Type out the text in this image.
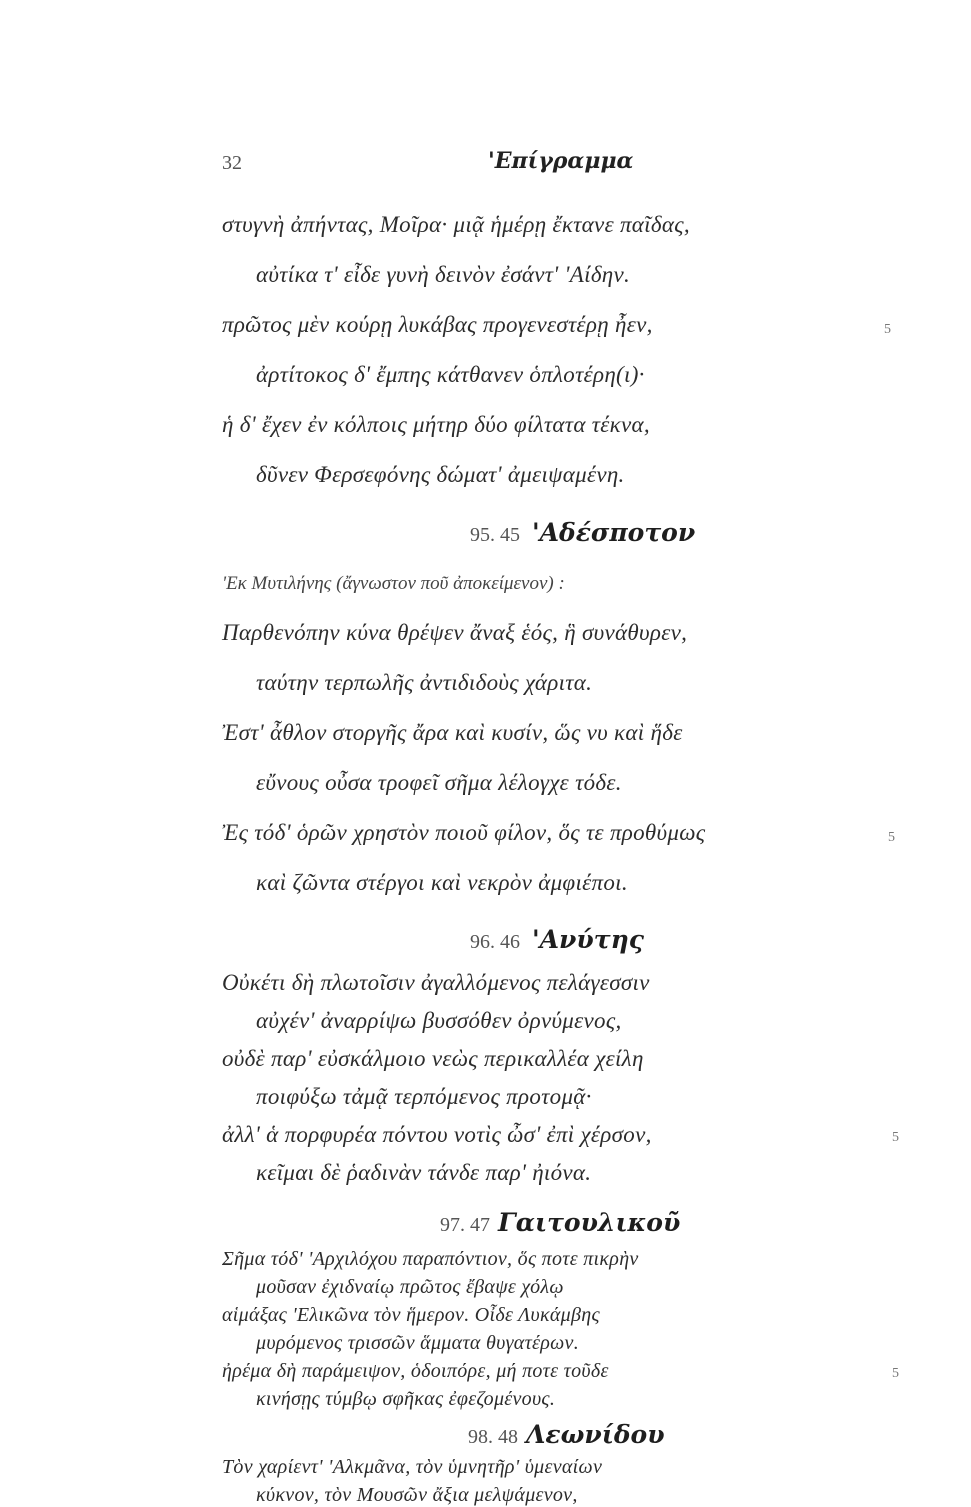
32	'Επίγραμμα
στυγνὴ ἀπήντας, Μοῖρα· μιᾷ ἡμέρῃ ἔκτανε παῖδας,
αὐτίκα τ' εἶδε γυνὴ δεινὸν ἐσάντ' 'Αίδην.
πρῶτος μὲν κούρῃ λυκάβας προγενεστέρῃ ἦεν,
ἀρτίτοκος δ' ἔμπης κάτθανεν ὁπλοτέρη(ι)·
ἡ δ' ἔχεν ἐν κόλποις μήτηρ δύο φίλτατα τέκνα,
δῦνεν Φερσεφόνης δώματ' ἀμειψαμένη.
5
95. 45 'Αδέσποτον
'Εκ Μυτιλήνης (ἄγνωστον ποῦ ἀποκείμενον) :
Παρθενόπην κύνα θρέψεν ἄναξ ἑός, ἣ συνάθυρεν,
ταύτην τερπωλῆς ἀντιδιδοὺς χάριτα.
Ἐστ' ἆθλον στοργῆς ἄρα καὶ κυσίν, ὥς νυ καὶ ἥδε
εὔνους οὖσα τροφεῖ σῆμα λέλογχε τόδε.
Ἐς τόδ' ὁρῶν χρηστὸν ποιοῦ φίλον, ὅς τε προθύμως
καὶ ζῶντα στέργοι καὶ νεκρὸν ἀμφιέποι.
5
96. 46 'Ανύτης
Οὐκέτι δὴ πλωτοῖσιν ἀγαλλόμενος πελάγεσσιν
αὐχέν' ἀναρρίψω βυσσόθεν ὀρνύμενος,
οὐδὲ παρ' εὐσκάλμοιο νεὼς περικαλλέα χείλη
ποιφύξω τἀμᾷ τερπόμενος προτομᾷ·
ἀλλ' ἁ πορφυρέα πόντου νοτὶς ὦσ' ἐπὶ χέρσον,
κεῖμαι δὲ ῥαδινὰν τάνδε παρ' ἠιόνα.
5
97. 47 Γαιτουλικοῦ
Σῆμα τόδ' 'Αρχιλόχου παραπόντιον, ὅς ποτε πικρὴν
μοῦσαν ἐχιδναίῳ πρῶτος ἔβαψε χόλῳ
αἱμάξας 'Ελικῶνα τὸν ἥμερον. Οἶδε Λυκάμβης
μυρόμενος τρισσῶν ἅμματα θυγατέρων.
ἠρέμα δὴ παράμειψον, ὁδοιπόρε, μή ποτε τοῦδε	5
κινήσῃς τύμβῳ σφῆκας ἐφεζομένους.
98. 48 Λεωνίδου
Τὸν χαρίεντ' 'Αλκμᾶνα, τὸν ὑμνητῆρ' ὑμεναίων
κύκνον, τὸν Μουσῶν ἄξια μελψάμενον,
